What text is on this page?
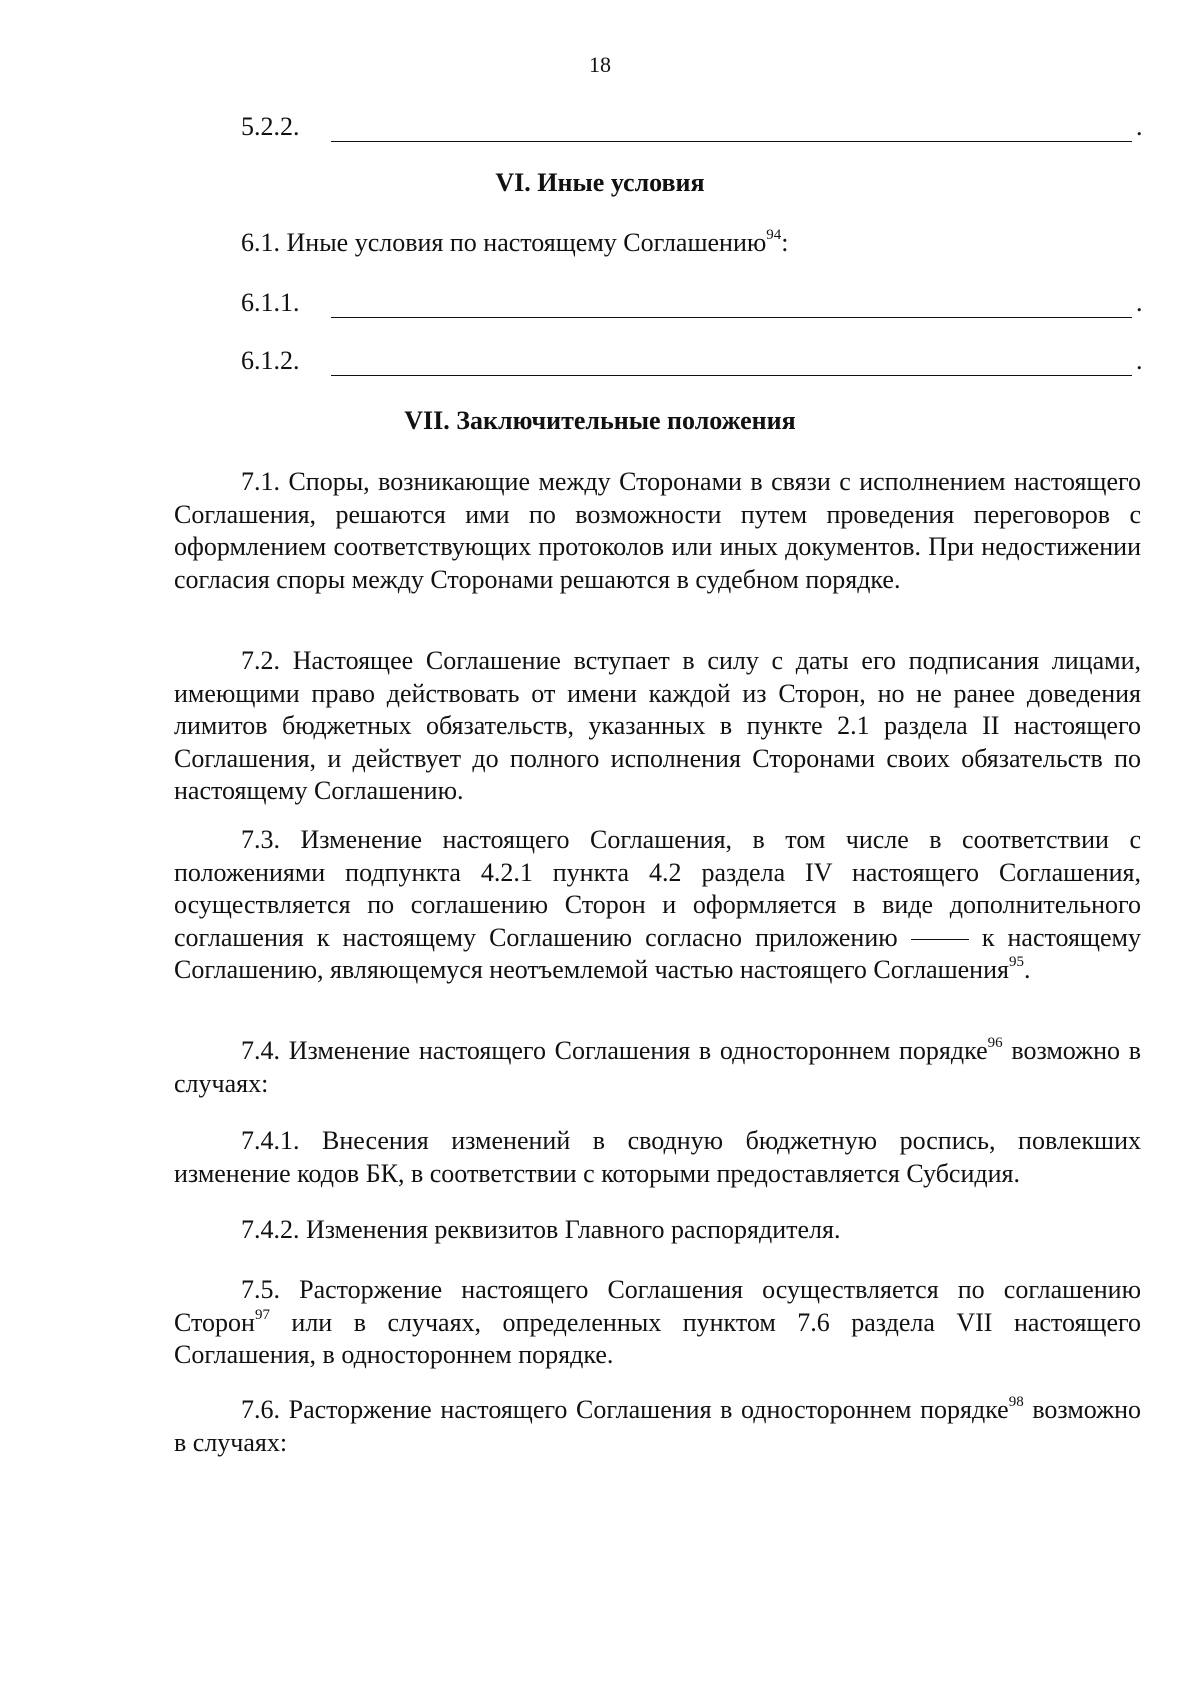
18
5.2.2.	.
VI. Иные условия
6.1. Иные условия по настоящему Соглашению$^{94}$:
6.1.1.	.
6.1.2.	.
VII. Заключительные положения
7.1. Споры, возникающие между Сторонами в связи с исполнением настоящего Соглашения, решаются ими по возможности путем проведения переговоров с оформлением соответствующих протоколов или иных документов. При недостижении согласия споры между Сторонами решаются в судебном порядке.
7.2. Настоящее Соглашение вступает в силу с даты его подписания лицами, имеющими право действовать от имени каждой из Сторон, но не ранее доведения лимитов бюджетных обязательств, указанных в пункте 2.1 раздела II настоящего Соглашения, и действует до полного исполнения Сторонами своих обязательств по настоящему Соглашению.
7.3. Изменение настоящего Соглашения, в том числе в соответствии с положениями подпункта 4.2.1 пункта 4.2 раздела IV настоящего Соглашения, осуществляется по соглашению Сторон и оформляется в виде дополнительного соглашения к настоящему Соглашению согласно приложению	к настоящему Соглашению, являющемуся неотъемлемой частью настоящего Соглашения$^{95}$.
7.4. Изменение настоящего Соглашения в одностороннем порядке$^{96}$ возможно в случаях:
7.4.1. Внесения изменений в сводную бюджетную роспись, повлекших изменение кодов БК, в соответствии с которыми предоставляется Субсидия.
7.4.2. Изменения реквизитов Главного распорядителя.
7.5. Расторжение настоящего Соглашения осуществляется по соглашению Сторон$^{97}$ или в случаях, определенных пунктом 7.6 раздела VII настоящего Соглашения, в одностороннем порядке.
7.6. Расторжение настоящего Соглашения в одностороннем порядке$^{98}$ возможно в случаях:
